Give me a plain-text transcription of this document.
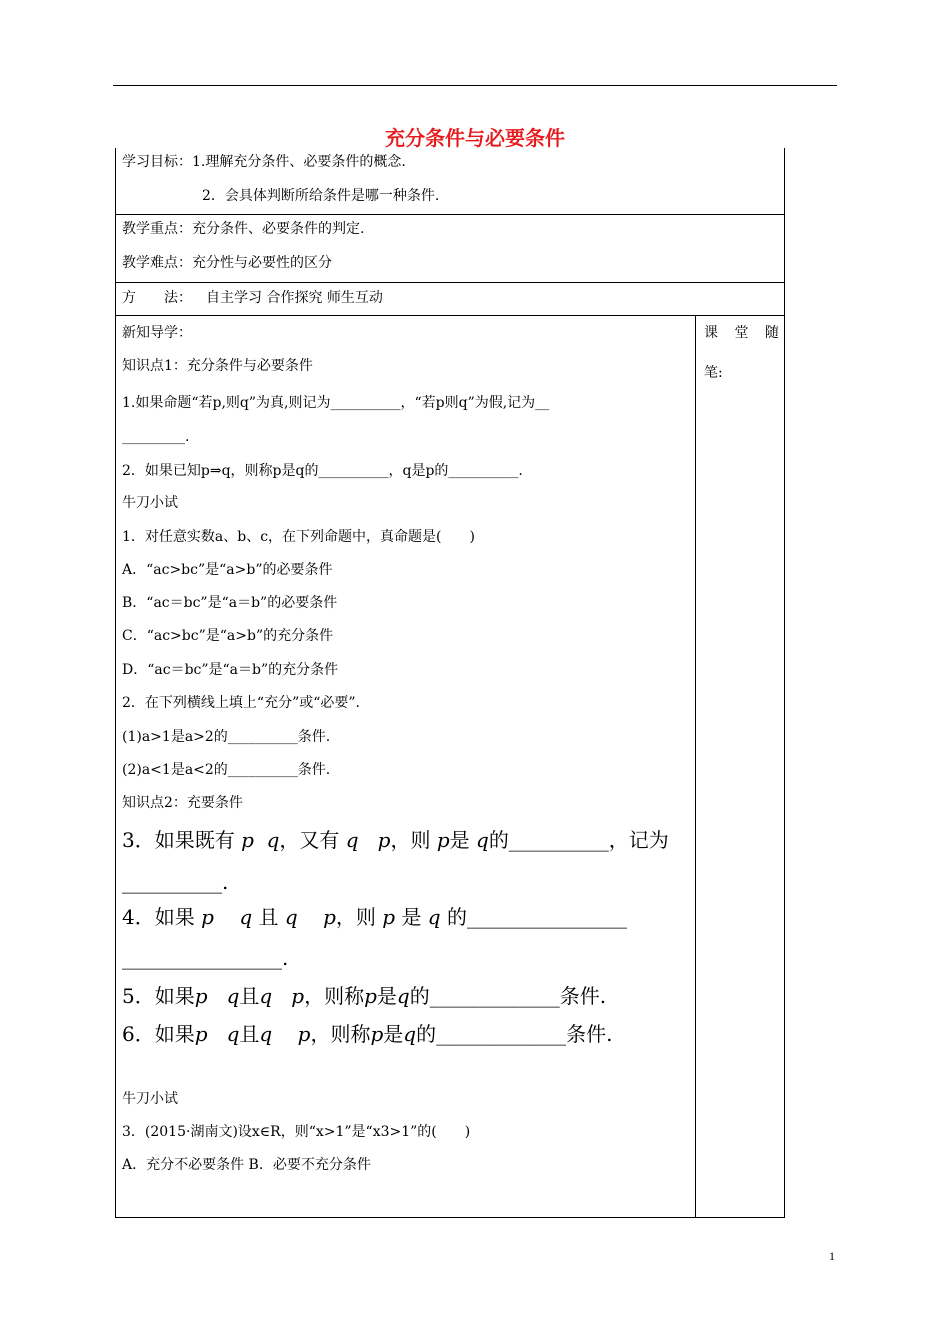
充分条件与必要条件
学习目标：1.理解充分条件、必要条件的概念.
2．会具体判断所给条件是哪一种条件.
教学重点：充分条件、必要条件的判定.
教学难点：充分性与必要性的区分
方　　法： 自主学习 合作探究 师生互动
课 堂 随
笔:
新知导学：
知识点1：充分条件与必要条件
1.如果命题“若p,则q”为真,则记为__________，“若p则q”为假,记为__
_________.
2．如果已知p⇒q，则称p是q的__________，q是p的__________.
牛刀小试
1．对任意实数a、b、c，在下列命题中，真命题是(　　)
A．“ac>bc”是“a>b”的必要条件
B．“ac＝bc”是“a＝b”的必要条件
C．“ac>bc”是“a>b”的充分条件
D．“ac＝bc”是“a＝b”的充分条件
2．在下列横线上填上“充分”或“必要”.
(1)a>1是a>2的__________条件.
(2)a<1是a<2的__________条件.
知识点2：充要条件
3．如果既有 p  q，又有 q   p，则 p是 q的__________，记为
__________.
4．如果 p    q 且 q    p，则 p 是 q 的________________
________________.
5．如果p   q且q   p，则称p是q的_____________条件.
6．如果p   q且q    p，则称p是q的_____________条件.
牛刀小试
3．(2015·湖南文)设x∈R，则“x>1”是“x3>1”的(　　)
A．充分不必要条件 B．必要不充分条件
1
